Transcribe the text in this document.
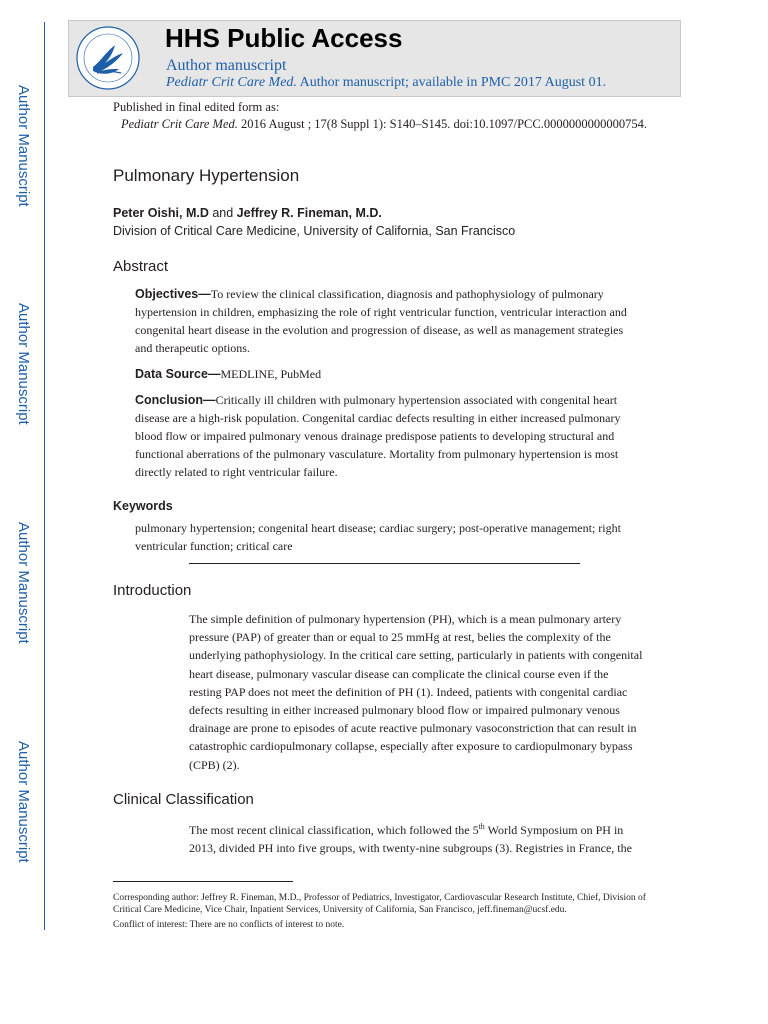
Author Manuscript
Author Manuscript
Author Manuscript
Author Manuscript
HHS Public Access
Author manuscript
Pediatr Crit Care Med. Author manuscript; available in PMC 2017 August 01.
Published in final edited form as:
Pediatr Crit Care Med. 2016 August ; 17(8 Suppl 1): S140–S145. doi:10.1097/PCC.0000000000000754.
Pulmonary Hypertension
Peter Oishi, M.D and Jeffrey R. Fineman, M.D.
Division of Critical Care Medicine, University of California, San Francisco
Abstract
Objectives—To review the clinical classification, diagnosis and pathophysiology of pulmonary hypertension in children, emphasizing the role of right ventricular function, ventricular interaction and congenital heart disease in the evolution and progression of disease, as well as management strategies and therapeutic options.
Data Source—MEDLINE, PubMed
Conclusion—Critically ill children with pulmonary hypertension associated with congenital heart disease are a high-risk population. Congenital cardiac defects resulting in either increased pulmonary blood flow or impaired pulmonary venous drainage predispose patients to developing structural and functional aberrations of the pulmonary vasculature. Mortality from pulmonary hypertension is most directly related to right ventricular failure.
Keywords
pulmonary hypertension; congenital heart disease; cardiac surgery; post-operative management; right ventricular function; critical care
Introduction
The simple definition of pulmonary hypertension (PH), which is a mean pulmonary artery pressure (PAP) of greater than or equal to 25 mmHg at rest, belies the complexity of the underlying pathophysiology. In the critical care setting, particularly in patients with congenital heart disease, pulmonary vascular disease can complicate the clinical course even if the resting PAP does not meet the definition of PH (1). Indeed, patients with congenital cardiac defects resulting in either increased pulmonary blood flow or impaired pulmonary venous drainage are prone to episodes of acute reactive pulmonary vasoconstriction that can result in catastrophic cardiopulmonary collapse, especially after exposure to cardiopulmonary bypass (CPB) (2).
Clinical Classification
The most recent clinical classification, which followed the 5th World Symposium on PH in 2013, divided PH into five groups, with twenty-nine subgroups (3). Registries in France, the
Corresponding author: Jeffrey R. Fineman, M.D., Professor of Pediatrics, Investigator, Cardiovascular Research Institute, Chief, Division of Critical Care Medicine, Vice Chair, Inpatient Services, University of California, San Francisco, jeff.fineman@ucsf.edu.
Conflict of interest: There are no conflicts of interest to note.
